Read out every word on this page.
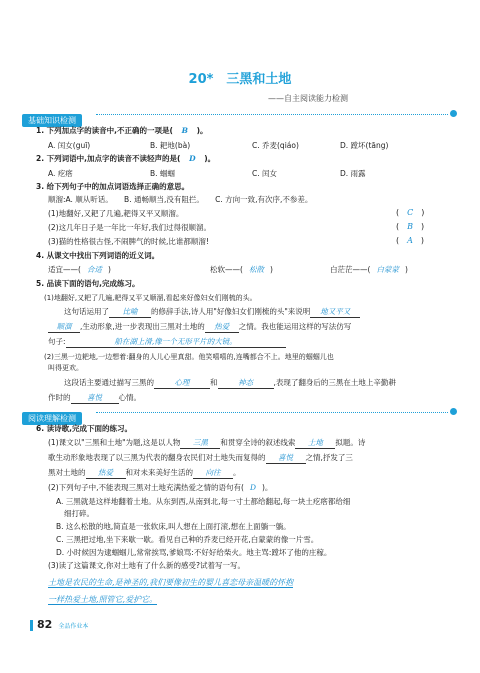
20*　三黑和土地
——自主阅读能力检测
基础知识检测
1. 下列加点字的读音中,不正确的一项是( B )。
A. 闰女(guī)	B. 耙地(bà)	C. 乔麦(qiáo)	D. 蹚坏(tāng)
2. 下列词语中,加点字的读音不读轻声的是( D )。
A. 疙瘩	B. 蝈蝈	C. 闰女	D. 雨露
3. 给下列句子中的加点词语选择正确的意思。
顺溜:A. 顺从听话。　　B. 通畅顺当,没有阻拦。　　C. 方向一致,有次序,不参差。
(1)地翻好,又耙了几遍,耙得又平又顺溜。	(　C　)
(2)这几年日子是一年比一年好,我们过得很顺溜。	(　B　)
(3)猫的性格很古怪,不闹脾气的时候,比谁都顺溜!	(　A　)
4. 从课文中找出下列词语的近义词。
适宜——( 合适 )	松软——( 松散 )	白茫茫——( 白蒙蒙 )
5. 品读下面的语句,完成练习。
(1)地翻好,又耙了几遍,耙得又平又顺溜,看起来好像妇女们刚梳的头。
这句话运用了 比喻 的修辞手法,诗人用"好像妇女们刚梳的头"来说明 地又平又
顺溜 ,生动形象,进一步表现出三黑对土地的 热爱 之情。我也能运用这样的写法仿写
句子:	船在湖上滑,像一个无形平片的大镜。
(2)三黑一边耙地,一边想着:翻身的人儿心里真甜。他笑嘻嘻的,连嘴都合不上。地里的蝈蝈儿也
叫得更欢。
这段话主要通过描写三黑的	心理	和	神态	,表现了翻身后的三黑在土地上辛勤耕
作时的 喜悦 心情。
阅读理解检测
6. 读诗歌,完成下面的练习。
(1)课文以"三黑和土地"为题,这是以人物 三黑 和贯穿全诗的叙述线索 土地 拟题。诗
歌生动形象地表现了以三黑为代表的翻身农民们对土地失而复得的 喜悦 之情,抒发了三
黑对土地的 热爱 和对未来美好生活的 向往 。
(2)下列句子中,不能表现三黑对土地充满热爱之情的语句有( D )。
A. 三黑就是这样地翻着土地。从东到西,从南到北,每一寸土都给翻起,每一块土疙瘩都给细
细打碎。
B. 这么松散的地,简直是一张软床,叫人想在上面打滚,想在上面躺一躺。
C. 三黑把过地,坐下来歇一歇。看见自己种的乔麦已经开花,白蒙蒙的像一片雪。
D. 小时候因为逮蝈蝈儿,常常挨骂,爹娘骂:不好好给柴火。地主骂:蹚坏了他的庄稼。
(3)读了这篇课文,你对土地有了什么新的感受?试着写一写。
土地是农民的生命,是神圣的,我们要像初生的婴儿喜恋母亲温暖的怀抱
一样热爱土地,照管它,爱护它。
82 全品作业本
